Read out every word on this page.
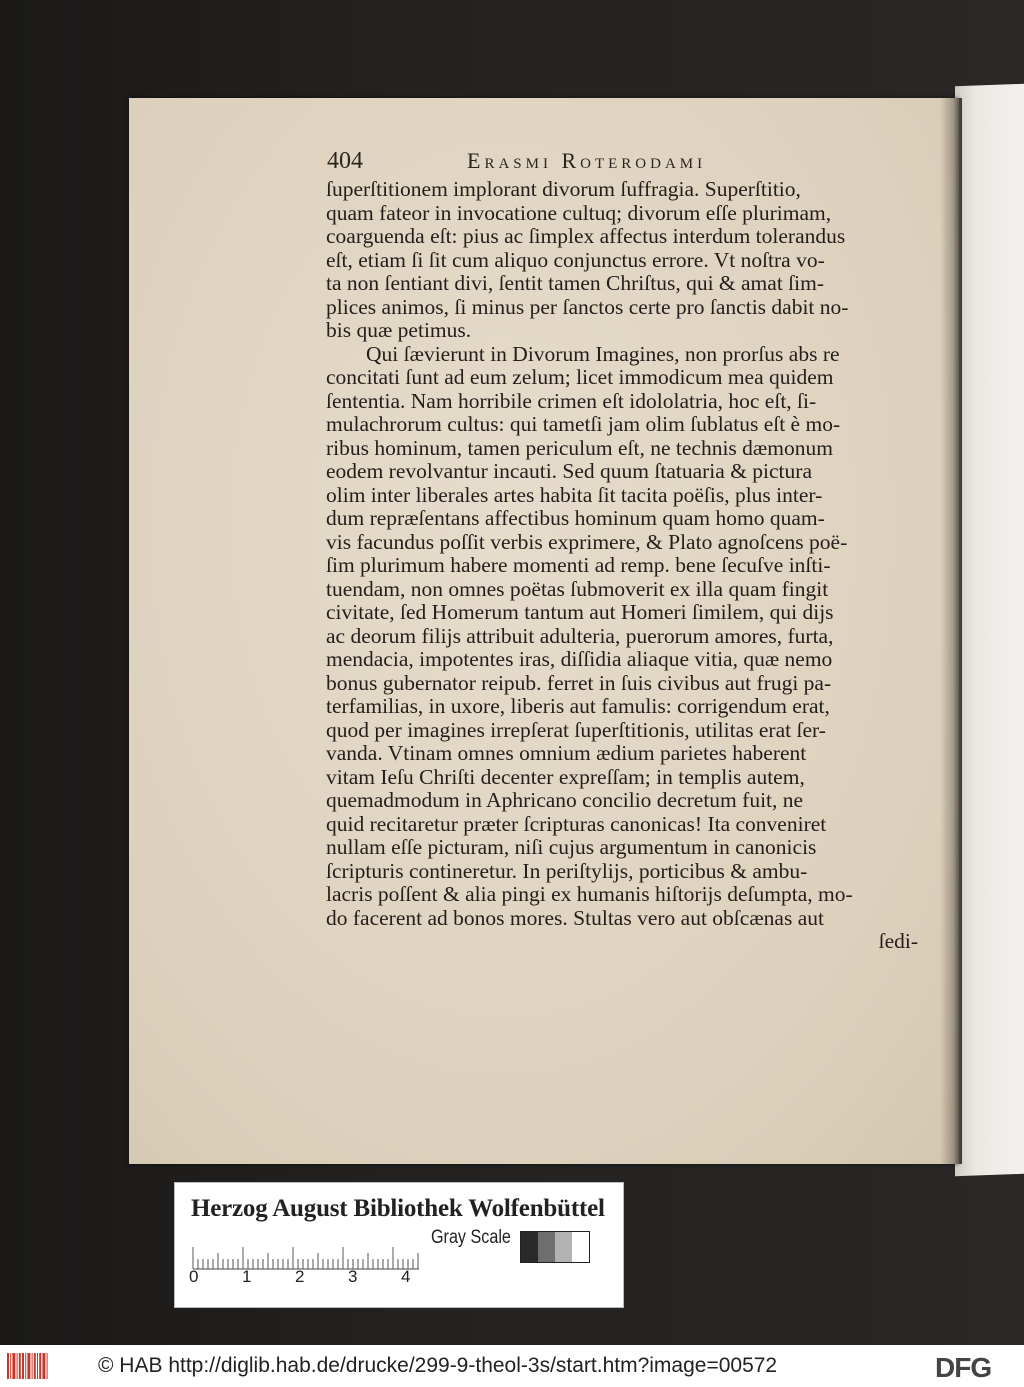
404	Erasmi Roterodami
ſuperſtitionem implorant divorum ſuffragia. Superſtitio,
quam fateor in invocatione cultuq; divorum eſſe plurimam,
coarguenda eſt: pius ac ſimplex affectus interdum tolerandus
eſt, etiam ſi ſit cum aliquo conjunctus errore. Vt noſtra vo-
ta non ſentiant divi, ſentit tamen Chriſtus, qui & amat ſim-
plices animos, ſi minus per ſanctos certe pro ſanctis dabit no-
bis quæ petimus.
Qui ſævierunt in Divorum Imagines, non prorſus abs re
concitati ſunt ad eum zelum; licet immodicum mea quidem
ſententia. Nam horribile crimen eſt idololatria, hoc eſt, ſi-
mulachrorum cultus: qui tametſi jam olim ſublatus eſt è mo-
ribus hominum, tamen periculum eſt, ne technis dæmonum
eodem revolvantur incauti. Sed quum ſtatuaria & pictura
olim inter liberales artes habita ſit tacita poëſis, plus inter-
dum repræſentans affectibus hominum quam homo quam-
vis facundus poſſit verbis exprimere, & Plato agnoſcens poë-
ſim plurimum habere momenti ad remp. bene ſecuſve inſti-
tuendam, non omnes poëtas ſubmoverit ex illa quam fingit
civitate, ſed Homerum tantum aut Homeri ſimilem, qui dijs
ac deorum filijs attribuit adulteria, puerorum amores, furta,
mendacia, impotentes iras, diſſidia aliaque vitia, quæ nemo
bonus gubernator reipub. ferret in ſuis civibus aut frugi pa-
terfamilias, in uxore, liberis aut famulis: corrigendum erat,
quod per imagines irrepſerat ſuperſtitionis, utilitas erat ſer-
vanda. Vtinam omnes omnium ædium parietes haberent
vitam Ieſu Chriſti decenter expreſſam; in templis autem,
quemadmodum in Aphricano concilio decretum fuit, ne
quid recitaretur præter ſcripturas canonicas! Ita conveniret
nullam eſſe picturam, niſi cujus argumentum in canonicis
ſcripturis contineretur. In periſtylijs, porticibus & ambu-
lacris poſſent & alia pingi ex humanis hiſtorijs deſumpta, mo-
do facerent ad bonos mores. Stultas vero aut obſcænas aut
ſedi-
Herzog August Bibliothek Wolfenbüttel
0	1	2	3	4
Gray Scale
© HAB http://diglib.hab.de/drucke/299-9-theol-3s/start.htm?image=00572	DFG
